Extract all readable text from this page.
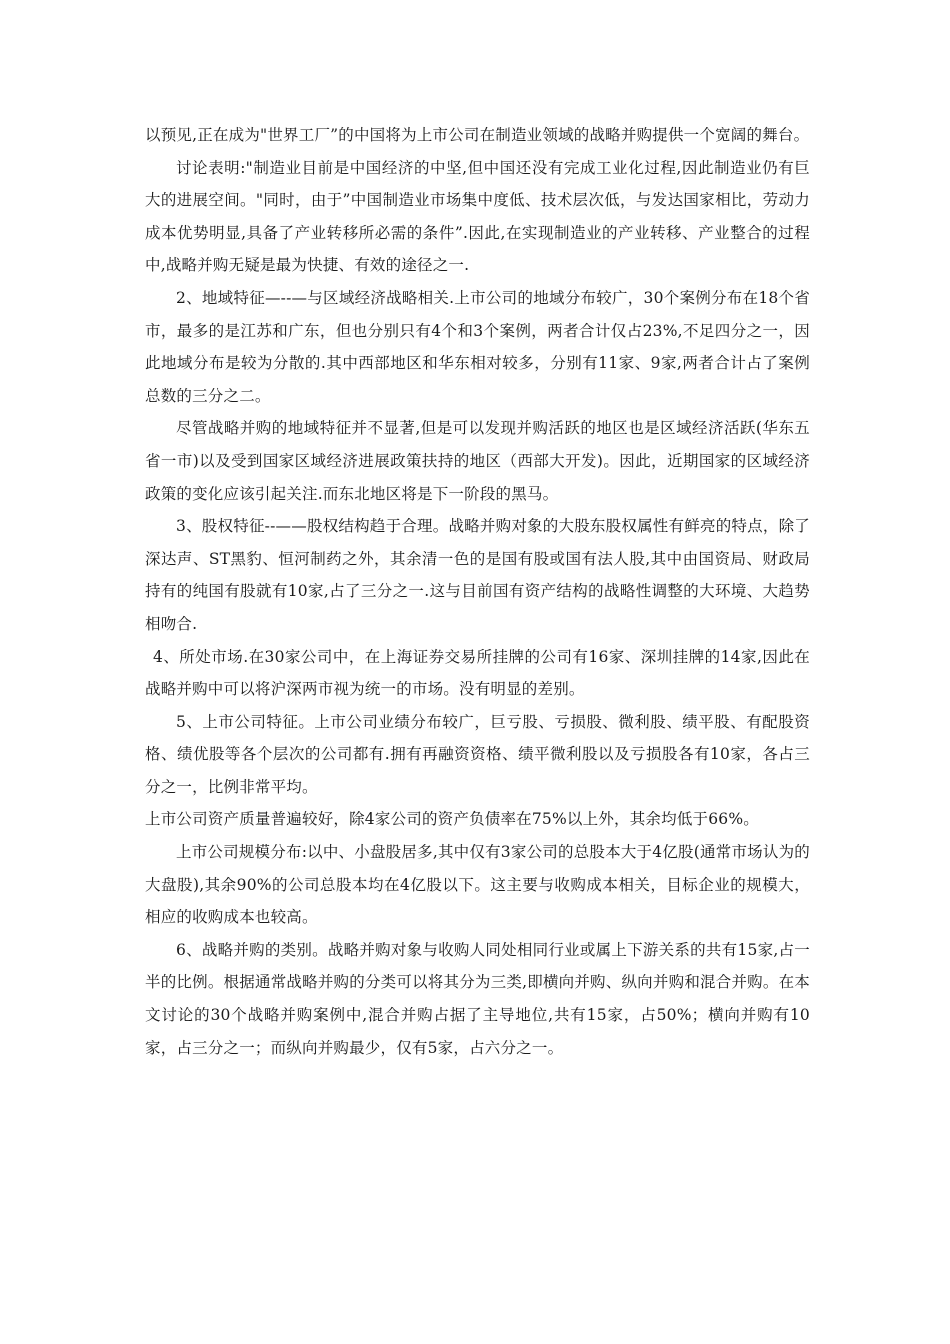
以预见,正在成为"世界工厂”的中国将为上市公司在制造业领域的战略并购提供一个宽阔的舞台。

讨论表明:"制造业目前是中国经济的中坚,但中国还没有完成工业化过程,因此制造业仍有巨大的进展空间。"同时，由于”中国制造业市场集中度低、技术层次低，与发达国家相比，劳动力成本优势明显,具备了产业转移所必需的条件”.因此,在实现制造业的产业转移、产业整合的过程中,战略并购无疑是最为快捷、有效的途径之一.

2、地域特征—--—与区域经济战略相关.上市公司的地域分布较广，30个案例分布在18个省市，最多的是江苏和广东，但也分别只有4个和3个案例，两者合计仅占23%,不足四分之一，因此地域分布是较为分散的.其中西部地区和华东相对较多，分别有11家、9家,两者合计占了案例总数的三分之二。

尽管战略并购的地域特征并不显著,但是可以发现并购活跃的地区也是区域经济活跃(华东五省一市)以及受到国家区域经济进展政策扶持的地区（西部大开发)。因此，近期国家的区域经济政策的变化应该引起关注.而东北地区将是下一阶段的黑马。

3、股权特征--——股权结构趋于合理。战略并购对象的大股东股权属性有鲜亮的特点，除了深达声、ST黑豹、恒河制药之外，其余清一色的是国有股或国有法人股,其中由国资局、财政局持有的纯国有股就有10家,占了三分之一.这与目前国有资产结构的战略性调整的大环境、大趋势相吻合.

4、所处市场.在30家公司中，在上海证券交易所挂牌的公司有16家、深圳挂牌的14家,因此在战略并购中可以将沪深两市视为统一的市场。没有明显的差别。

5、上市公司特征。上市公司业绩分布较广，巨亏股、亏损股、微利股、绩平股、有配股资格、绩优股等各个层次的公司都有.拥有再融资资格、绩平微利股以及亏损股各有10家，各占三分之一，比例非常平均。

上市公司资产质量普遍较好，除4家公司的资产负债率在75%以上外，其余均低于66%。

上市公司规模分布:以中、小盘股居多,其中仅有3家公司的总股本大于4亿股(通常市场认为的大盘股),其余90%的公司总股本均在4亿股以下。这主要与收购成本相关，目标企业的规模大，相应的收购成本也较高。

6、战略并购的类别。战略并购对象与收购人同处相同行业或属上下游关系的共有15家,占一半的比例。根据通常战略并购的分类可以将其分为三类,即横向并购、纵向并购和混合并购。在本文讨论的30个战略并购案例中,混合并购占据了主导地位,共有15家，占50%；横向并购有10家，占三分之一；而纵向并购最少，仅有5家，占六分之一。
